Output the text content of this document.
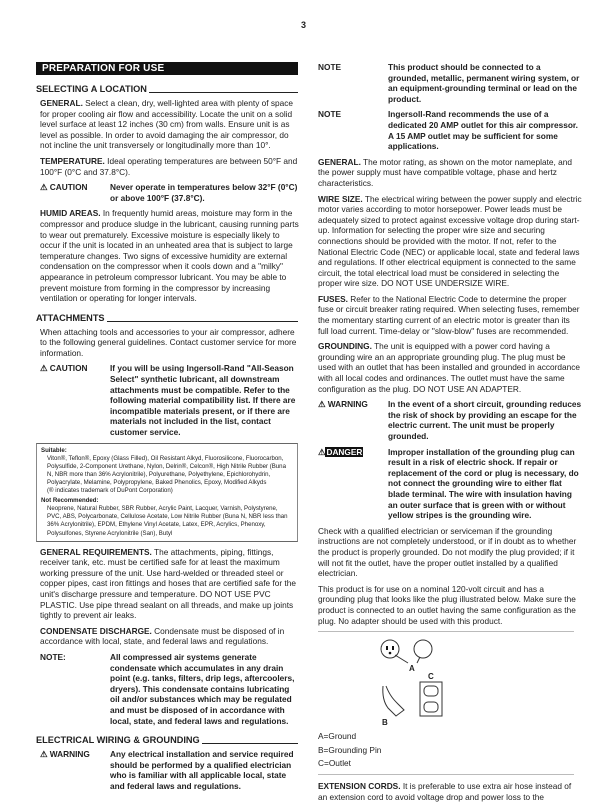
3
PREPARATION FOR USE
SELECTING A LOCATION

GENERAL. Select a clean, dry, well-lighted area with plenty of space for proper cooling air flow and accessibility. Locate the unit on a solid level surface at least 12 inches (30 cm) from walls. Ensure unit is as level as possible. In order to avoid damaging the air compressor, do not incline the unit transversely or longitudinally more than 10°.

TEMPERATURE. Ideal operating temperatures are between 50°F and 100°F (0°C and 37.8°C).

⚠ CAUTION	Never operate in temperatures below 32°F (0°C) or above 100°F (37.8°C).

HUMID AREAS. In frequently humid areas, moisture may form in the compressor and produce sludge in the lubricant, causing running parts to wear out prematurely. Excessive moisture is especially likely to occur if the unit is located in an unheated area that is subject to large temperature changes. Two signs of excessive humidity are external condensation on the compressor when it cools down and a "milky" appearance in petroleum compressor lubricant. You may be able to prevent moisture from forming in the compressor by increasing ventilation or operating for longer intervals.

ATTACHMENTS

When attaching tools and accessories to your air compressor, adhere to the following general guidelines. Contact customer service for more information.

⚠ CAUTION	If you will be using Ingersoll-Rand "All-Season Select" synthetic lubricant, all downstream attachments must be compatible. Refer to the following material compatibility list. If there are incompatible materials present, or if there are materials not included in the list, contact customer service.
Suitable:
Viton®, Teflon®, Epoxy (Glass Filled), Oil Resistant Alkyd, Fluorosilicone, Fluorocarbon, Polysulfide, 2-Component Urethane, Nylon, Delrin®, Celcon®, High Nitrile Rubber (Buna N, NBR more than 36% Acrylonitrile), Polyurethane, Polyethylene, Epichlorohydrin, Polyacrylate, Melamine, Polypropylene, Baked Phenolics, Epoxy, Modified Alkyds
(® indicates trademark of DuPont Corporation)
Not Recommended:
Neoprene, Natural Rubber, SBR Rubber, Acrylic Paint, Lacquer, Varnish, Polystyrene, PVC, ABS, Polycarbonate, Cellulose Acetate, Low Nitrile Rubber (Buna N, NBR less than 36% Acrylonitrile), EPDM, Ethylene Vinyl Acetate, Latex, EPR, Acrylics, Phenoxy, Polysulfones, Styrene Acrylonitrile (San), Butyl

GENERAL REQUIREMENTS. The attachments, piping, fittings, receiver tank, etc. must be certified safe for at least the maximum working pressure of the unit. Use hard-welded or threaded steel or copper pipes, cast iron fittings and hoses that are certified safe for the unit's discharge pressure and temperature. DO NOT USE PVC PLASTIC. Use pipe thread sealant on all threads, and make up joints tightly to prevent air leaks.

CONDENSATE DISCHARGE. Condensate must be disposed of in accordance with local, state, and federal laws and regulations.

NOTE:	All compressed air systems generate condensate which accumulates in any drain point (e.g. tanks, filters, drip legs, aftercoolers, dryers). This condensate contains lubricating oil and/or substances which may be regulated and must be disposed of in accordance with local, state, and federal laws and regulations.
ELECTRICAL WIRING & GROUNDING
⚠ WARNING	Any electrical installation and service required should be performed by a qualified electrician who is familiar with all applicable local, state and federal laws and regulations.
NOTE	This product should be connected to a grounded, metallic, permanent wiring system, or an equipment-grounding terminal or lead on the product.
NOTE	Ingersoll-Rand recommends the use of a dedicated 20 AMP outlet for this air compressor. A 15 AMP outlet may be sufficient for some applications.

GENERAL. The motor rating, as shown on the motor nameplate, and the power supply must have compatible voltage, phase and hertz characteristics.

WIRE SIZE. The electrical wiring between the power supply and electric motor varies according to motor horsepower. Power leads must be adequately sized to protect against excessive voltage drop during start-up. Information for selecting the proper wire size and securing connections should be provided with the motor. If not, refer to the National Electric Code (NEC) or applicable local, state and federal laws and regulations. If other electrical equipment is connected to the same circuit, the total electrical load must be considered in selecting the proper wire size. DO NOT USE UNDERSIZE WIRE.

FUSES. Refer to the National Electric Code to determine the proper fuse or circuit breaker rating required. When selecting fuses, remember the momentary starting current of an electric motor is greater than its full load current. Time-delay or "slow-blow" fuses are recommended.

GROUNDING. The unit is equipped with a power cord having a grounding wire an an appropriate grounding plug. The plug must be used with an outlet that has been installed and grounded in accordance with all local codes and ordinances. The outlet must have the same configuration as the plug. DO NOT USE AN ADAPTER.

⚠ WARNING	In the event of a short circuit, grounding reduces the risk of shock by providing an escape for the electric current. The unit must be properly grounded.
⚠DANGER	Improper installation of the grounding plug can result in a risk of electric shock. If repair or replacement of the cord or plug is necessary, do not connect the grounding wire to either flat blade terminal. The wire with insulation having an outer surface that is green with or without yellow stripes is the grounding wire.

Check with a qualified electrician or serviceman if the grounding instructions are not completely understood, or if in doubt as to whether the product is properly grounded. Do not modify the plug provided; if it will not fit the outlet, have the proper outlet installed by a qualified electrician.

This product is for use on a nominal 120-volt circuit and has a grounding plug that looks like the plug illustrated below. Make sure the product is connected to an outlet having the same configuration as the plug. No adapter should be used with this product.

A
C
B
A=Ground
B=Grounding Pin
C=Outlet

EXTENSION CORDS. It is preferable to use extra air hose instead of an extension cord to avoid voltage drop and power loss to the
